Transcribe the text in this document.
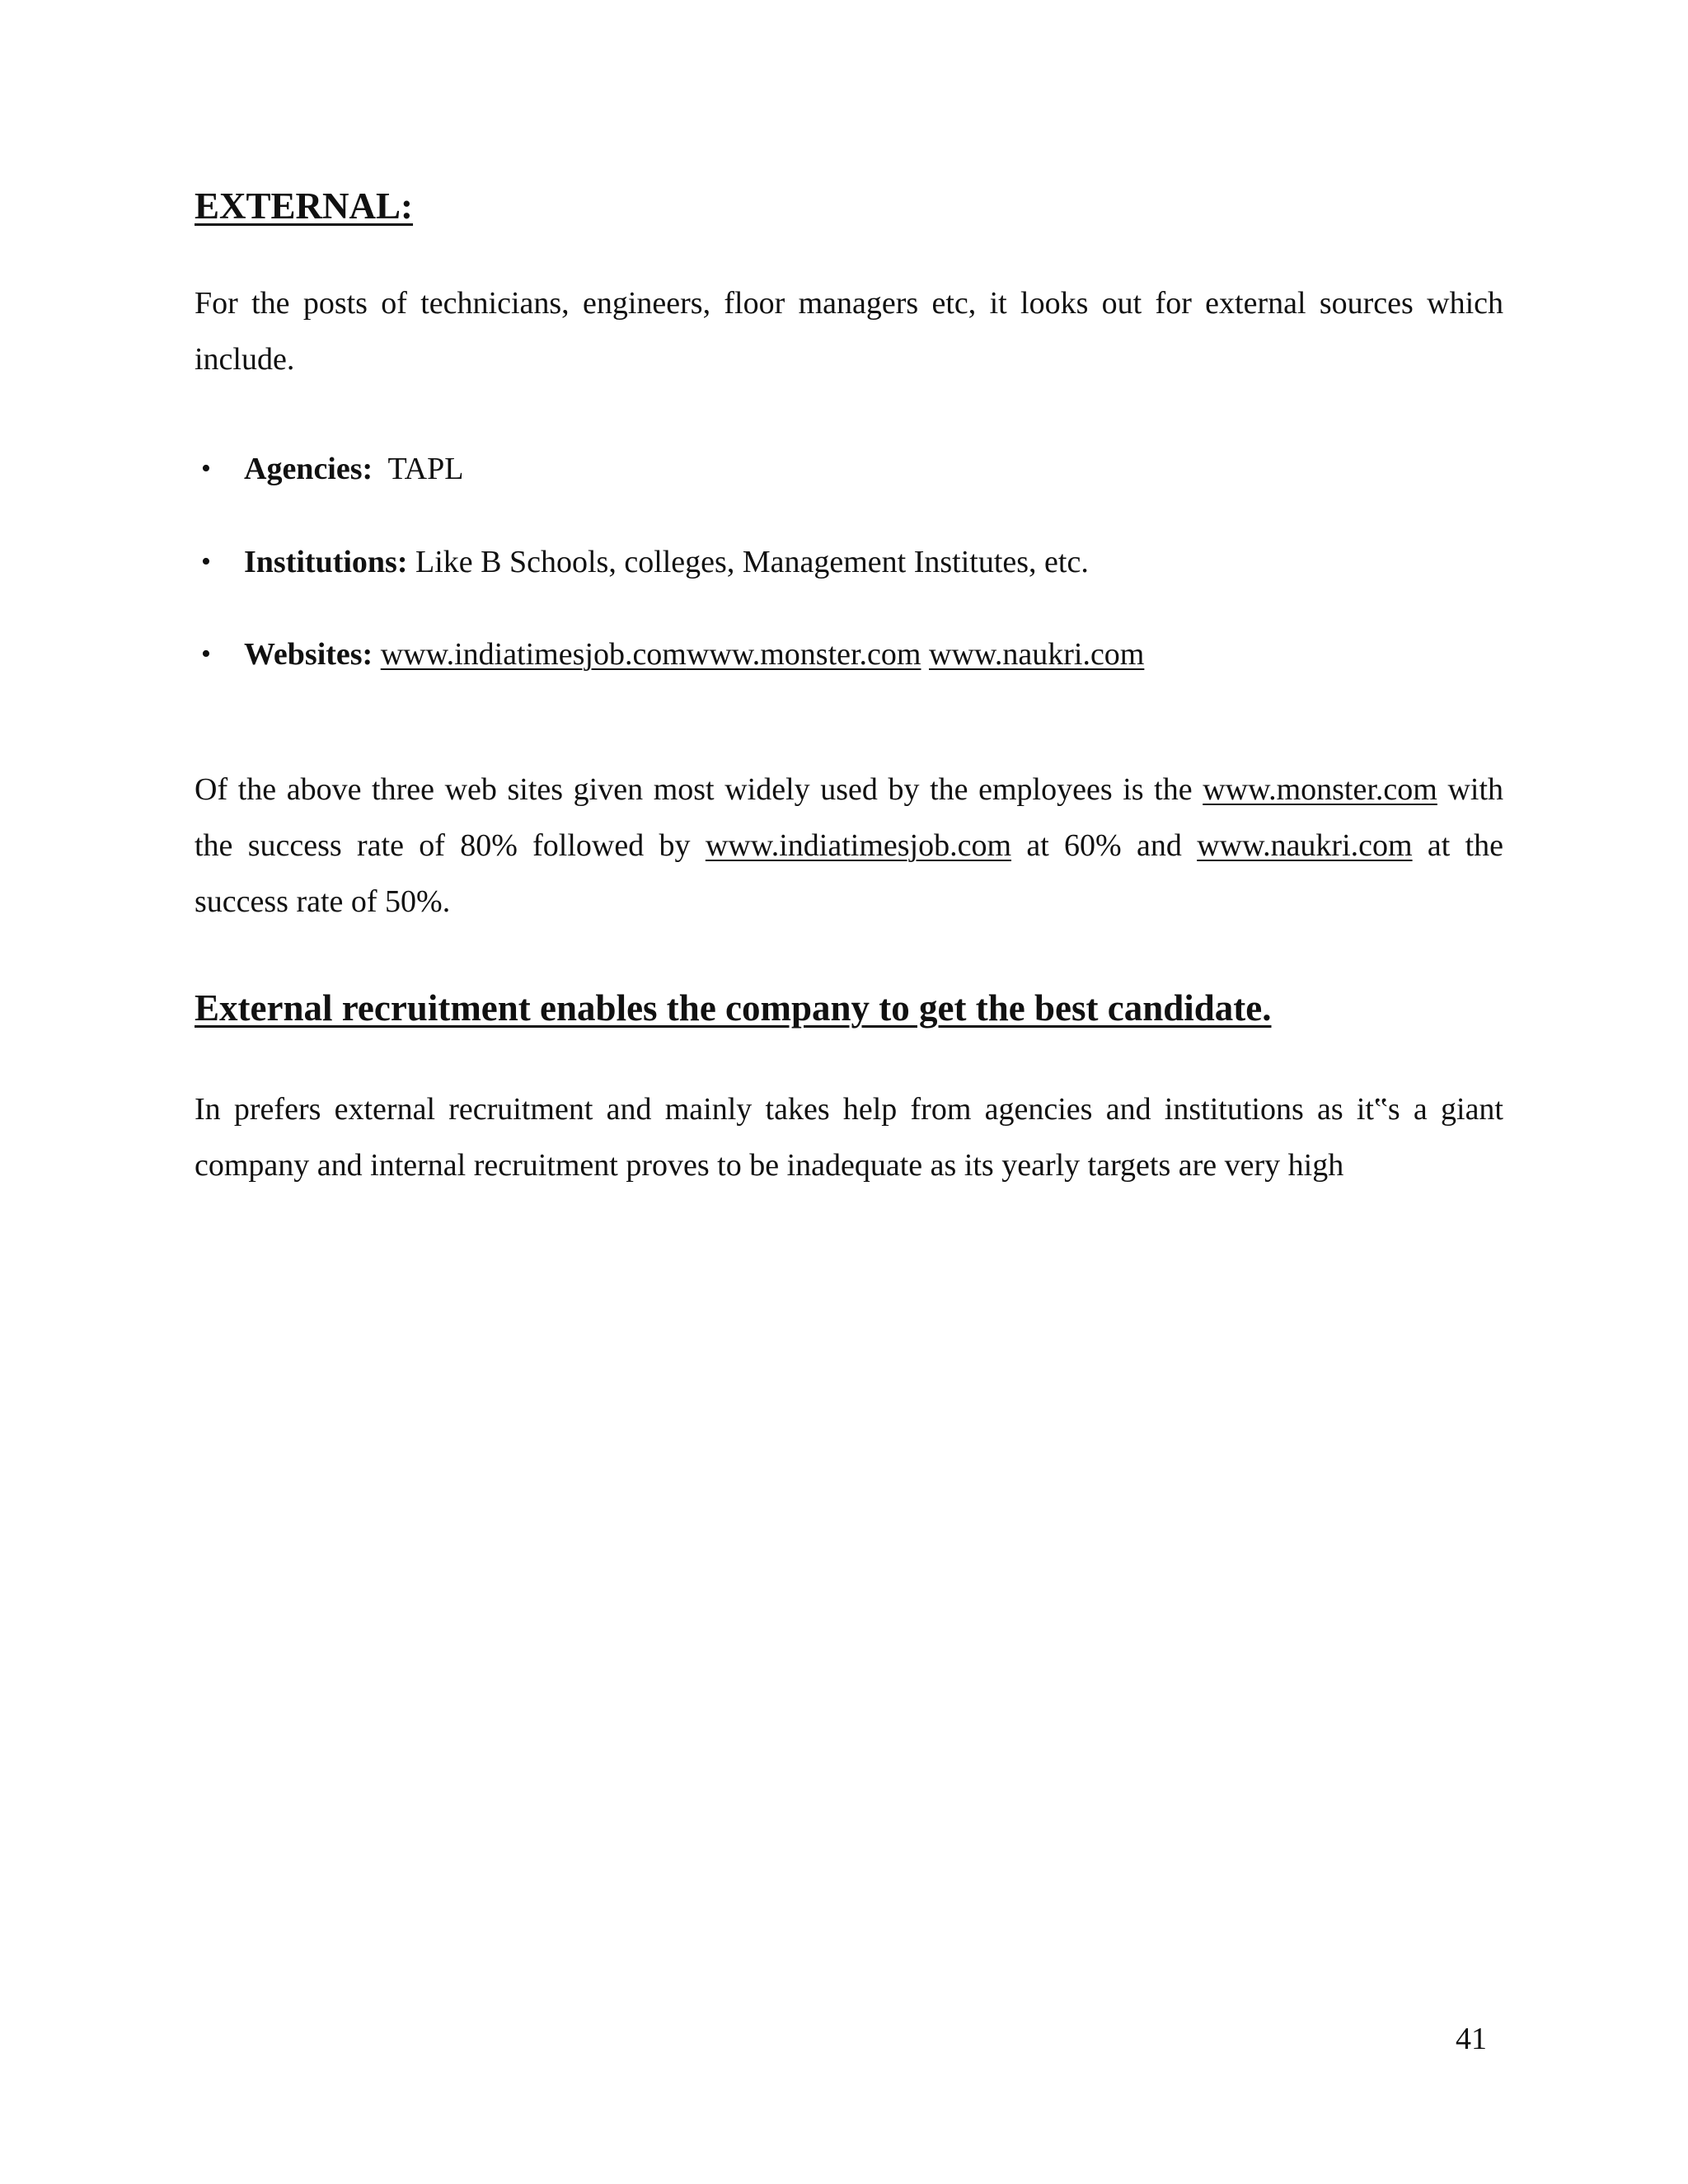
EXTERNAL:

For the posts of technicians, engineers, floor managers etc, it looks out for external sources which include.

• Agencies: TAPL
• Institutions: Like B Schools, colleges, Management Institutes, etc.
• Websites: www.indiatimesjob.comwww.monster.com www.naukri.com

Of the above three web sites given most widely used by the employees is the www.monster.com with the success rate of 80% followed by www.indiatimesjob.com at 60% and www.naukri.com at the success rate of 50%.

External recruitment enables the company to get the best candidate.

In prefers external recruitment and mainly takes help from agencies and institutions as it‟s a giant company and internal recruitment proves to be inadequate as its yearly targets are very high

41
